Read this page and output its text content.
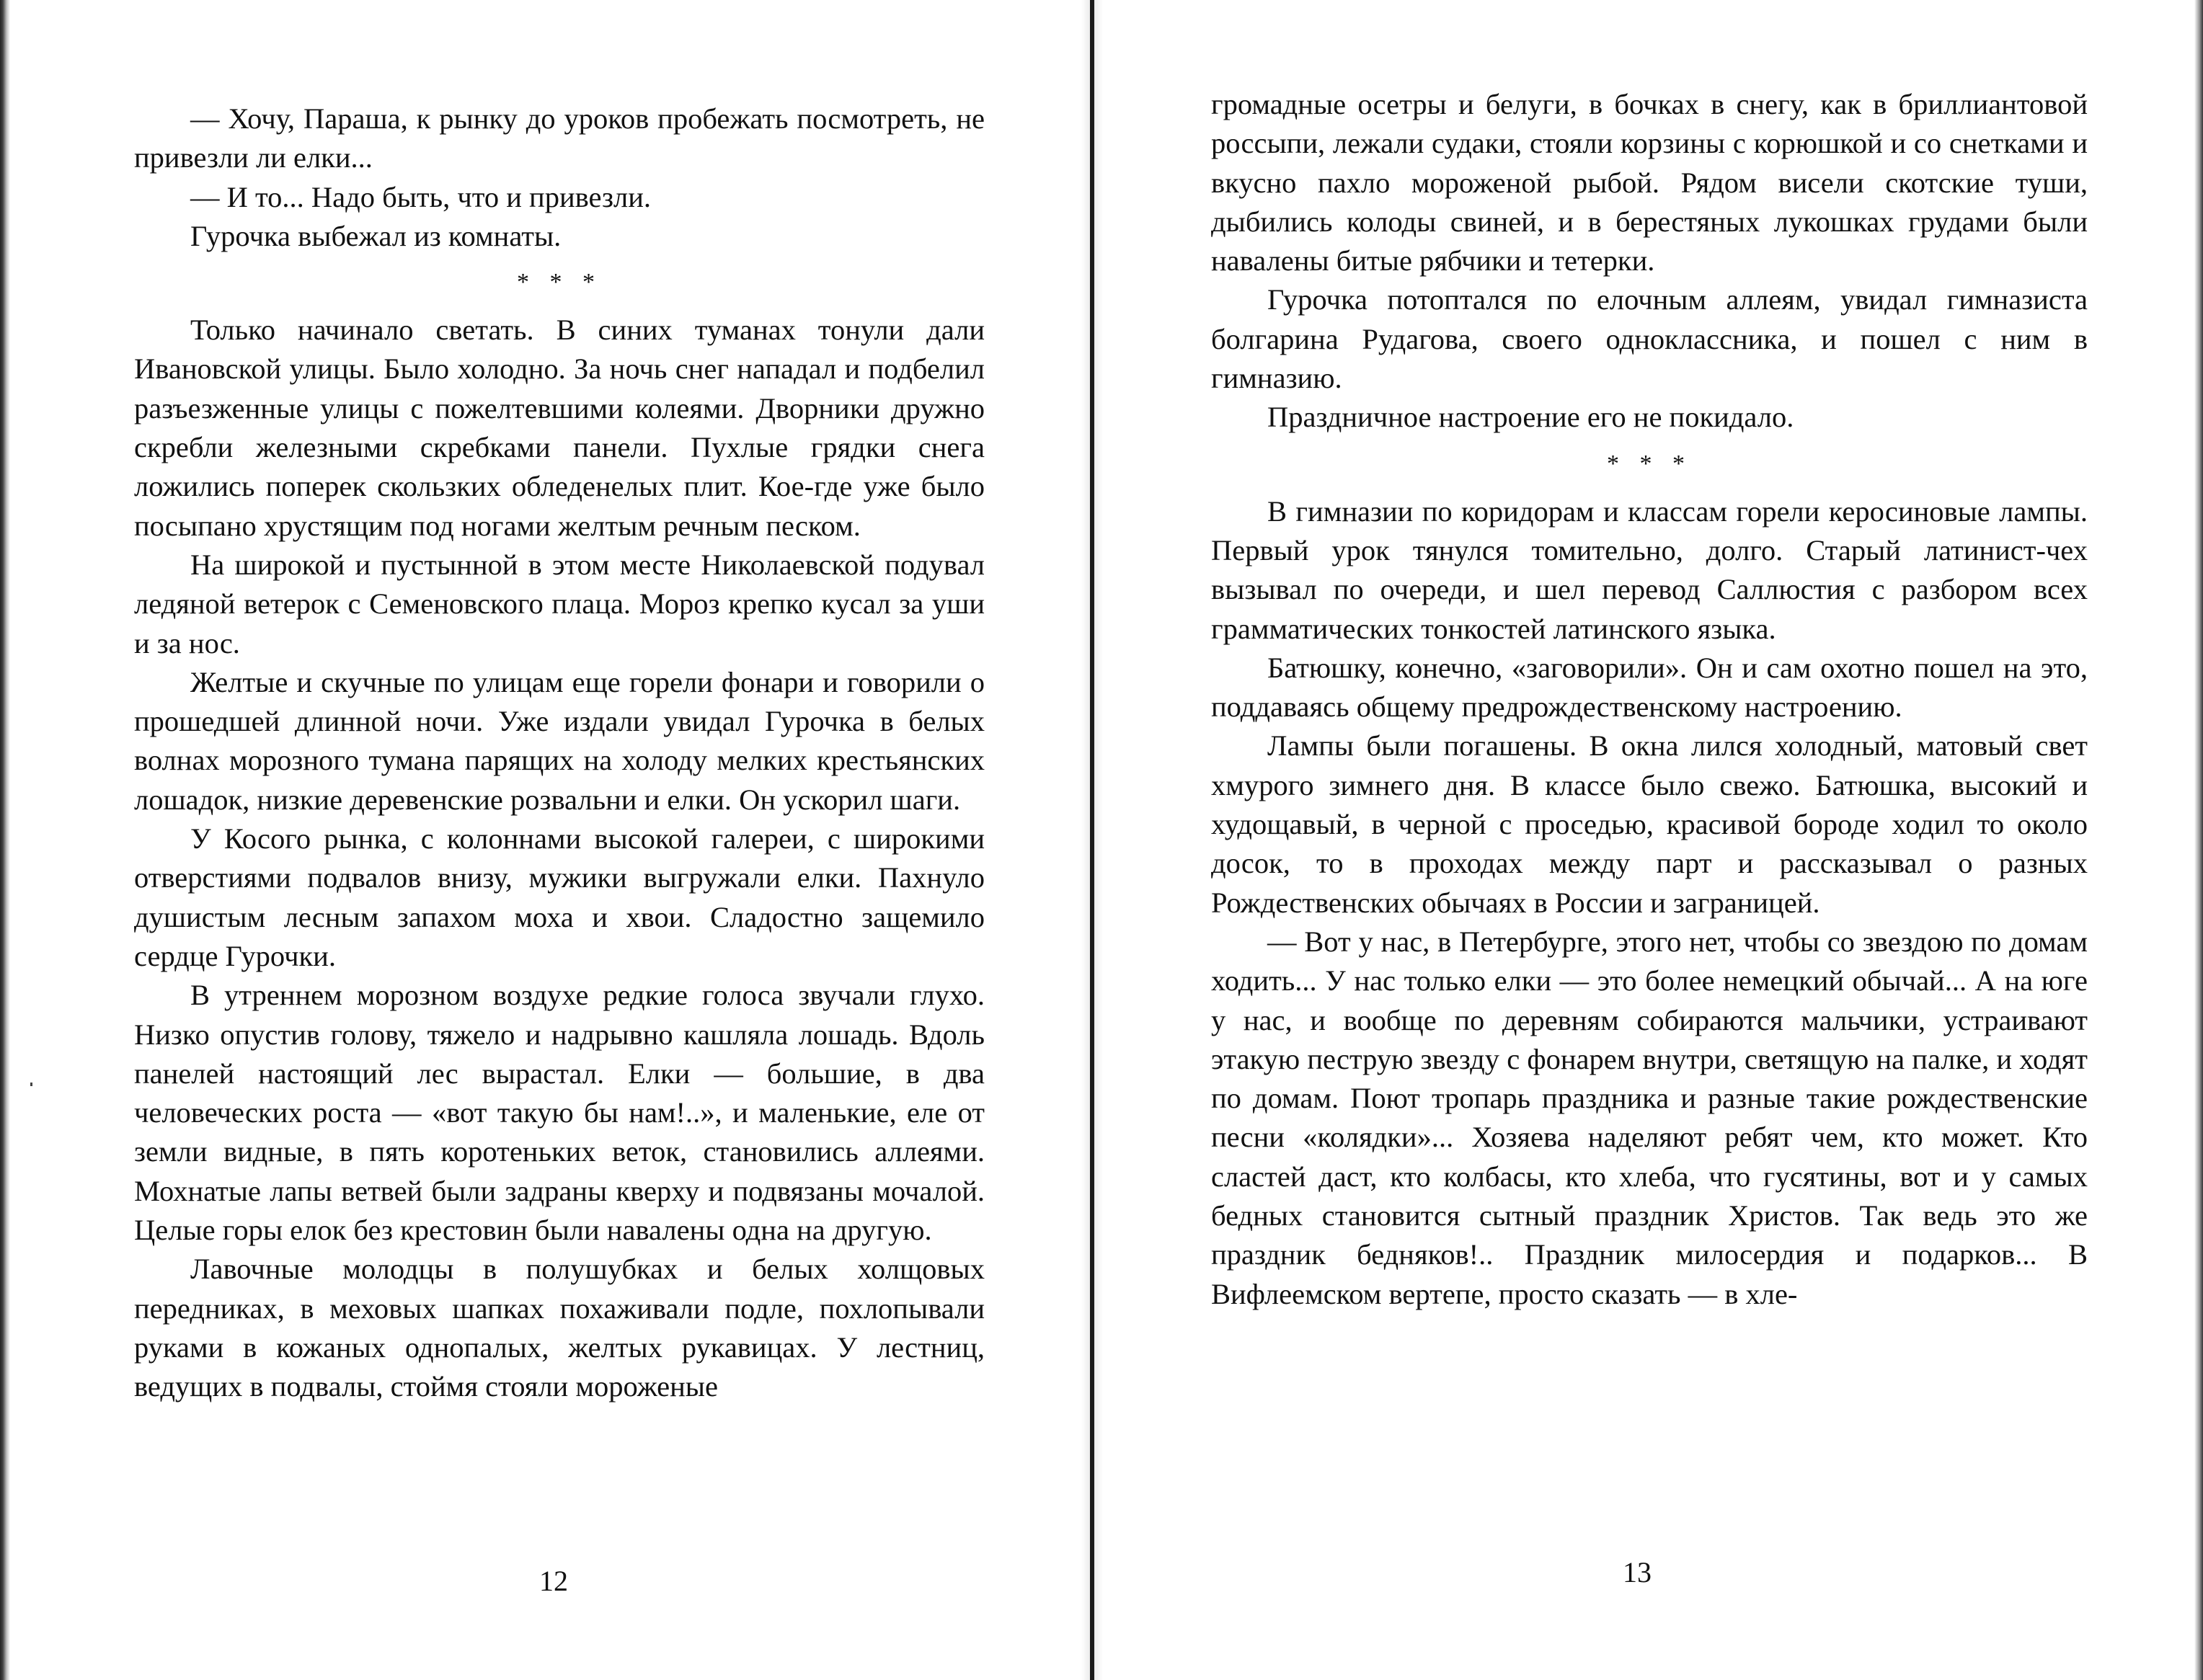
— Хочу, Параша, к рынку до уроков пробежать посмотреть, не привезли ли елки...

— И то... Надо быть, что и привезли.

Гурочка выбежал из комнаты.

* * *

Только начинало светать. В синих туманах тонули дали Ивановской улицы. Было холодно. За ночь снег нападал и подбелил разъезженные улицы с пожелтевшими колеями. Дворники дружно скребли железными скребками панели. Пухлые грядки снега ложились поперек скользких обледенелых плит. Кое-где уже было посыпано хрустящим под ногами желтым речным песком.

На широкой и пустынной в этом месте Николаевской подувал ледяной ветерок с Семеновского плаца. Мороз крепко кусал за уши и за нос.

Желтые и скучные по улицам еще горели фонари и говорили о прошедшей длинной ночи. Уже издали увидал Гурочка в белых волнах морозного тумана парящих на холоду мелких крестьянских лошадок, низкие деревенские розвальни и елки. Он ускорил шаги.

У Косого рынка, с колоннами высокой галереи, с широкими отверстиями подвалов внизу, мужики выгружали елки. Пахнуло душистым лесным запахом моха и хвои. Сладостно защемило сердце Гурочки.

В утреннем морозном воздухе редкие голоса звучали глухо. Низко опустив голову, тяжело и надрывно кашляла лошадь. Вдоль панелей настоящий лес вырастал. Елки — большие, в два человеческих роста — «вот такую бы нам!..», и маленькие, еле от земли видные, в пять коротеньких веток, становились аллеями. Мохнатые лапы ветвей были задраны кверху и подвязаны мочалой. Целые горы елок без крестовин были навалены одна на другую.

Лавочные молодцы в полушубках и белых холщовых передниках, в меховых шапках похаживали подле, похлопывали руками в кожаных однопалых, желтых рукавицах. У лестниц, ведущих в подвалы, стоймя стояли мороженые

12

громадные осетры и белуги, в бочках в снегу, как в бриллиантовой россыпи, лежали судаки, стояли корзины с корюшкой и со снетками и вкусно пахло мороженой рыбой. Рядом висели скотские туши, дыбились колоды свиней, и в берестяных лукошках грудами были навалены битые рябчики и тетерки.

Гурочка потоптался по елочным аллеям, увидал гимназиста болгарина Рудагова, своего одноклассника, и пошел с ним в гимназию.

Праздничное настроение его не покидало.

* * *

В гимназии по коридорам и классам горели керосиновые лампы. Первый урок тянулся томительно, долго. Старый латинист-чех вызывал по очереди, и шел перевод Саллюстия с разбором всех грамматических тонкостей латинского языка.

Батюшку, конечно, «заговорили». Он и сам охотно пошел на это, поддаваясь общему предрождественскому настроению.

Лампы были погашены. В окна лился холодный, матовый свет хмурого зимнего дня. В классе было свежо. Батюшка, высокий и худощавый, в черной с проседью, красивой бороде ходил то около досок, то в проходах между парт и рассказывал о разных Рождественских обычаях в России и заграницей.

— Вот у нас, в Петербурге, этого нет, чтобы со звездою по домам ходить... У нас только елки — это более немецкий обычай... А на юге у нас, и вообще по деревням собираются мальчики, устраивают этакую пеструю звезду с фонарем внутри, светящую на палке, и ходят по домам. Поют тропарь праздника и разные такие рождественские песни «колядки»... Хозяева наделяют ребят чем, кто может. Кто сластей даст, кто колбасы, кто хлеба, что гусятины, вот и у самых бедных становится сытный праздник Христов. Так ведь это же праздник бедняков!.. Праздник милосердия и подарков... В Вифлеемском вертепе, просто сказать — в хле-

13
